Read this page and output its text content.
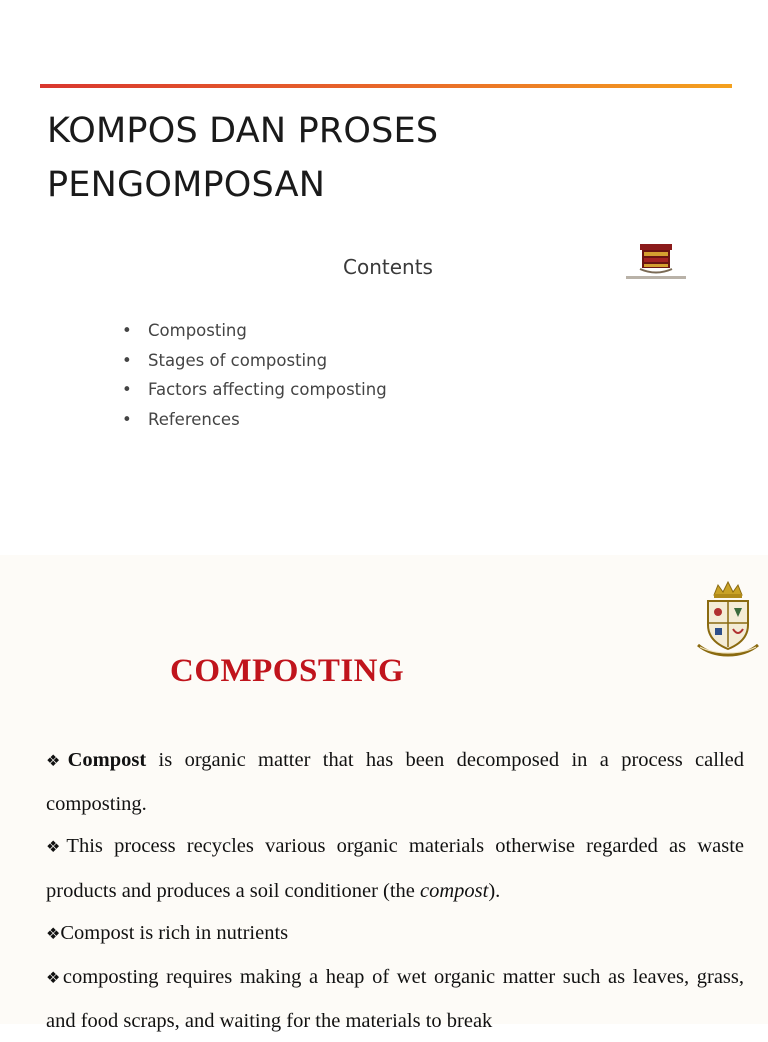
KOMPOS DAN PROSES
PENGOMPOSAN
Contents
• Composting
• Stages of composting
• Factors affecting composting
• References
COMPOSTING

❖Compost is organic matter that has been decomposed in a process called composting.

❖This process recycles various organic materials otherwise regarded as waste products and produces a soil conditioner (the compost).

❖Compost is rich in nutrients

❖composting requires making a heap of wet organic matter such as leaves, grass, and food scraps, and waiting for the materials to break
